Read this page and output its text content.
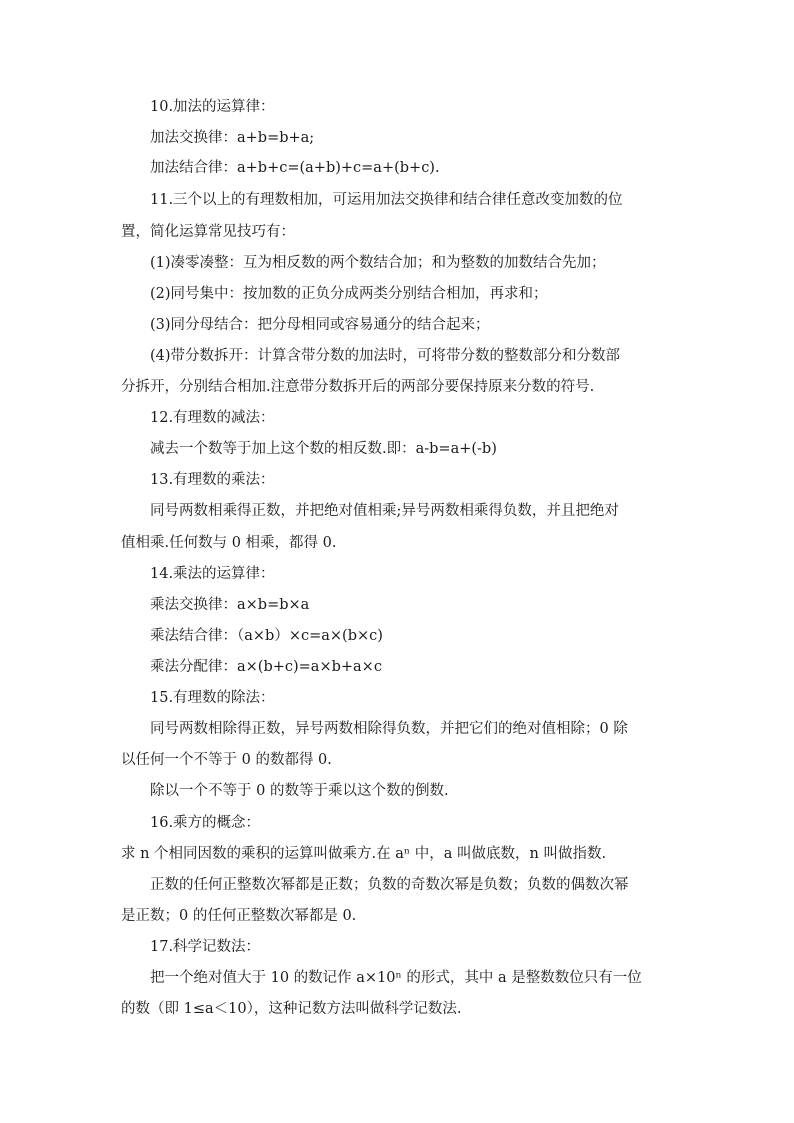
10.加法的运算律：
加法交换律：a+b=b+a;
加法结合律：a+b+c=(a+b)+c=a+(b+c).
11.三个以上的有理数相加，可运用加法交换律和结合律任意改变加数的位
置，简化运算常见技巧有：
(1)凑零凑整：互为相反数的两个数结合加；和为整数的加数结合先加；
(2)同号集中：按加数的正负分成两类分别结合相加，再求和；
(3)同分母结合：把分母相同或容易通分的结合起来；
(4)带分数拆开：计算含带分数的加法时，可将带分数的整数部分和分数部
分拆开，分别结合相加.注意带分数拆开后的两部分要保持原来分数的符号.
12.有理数的减法：
减去一个数等于加上这个数的相反数.即：a-b=a+(-b)
13.有理数的乘法：
同号两数相乘得正数，并把绝对值相乘;异号两数相乘得负数，并且把绝对
值相乘.任何数与 0 相乘，都得 0.
14.乘法的运算律：
乘法交换律：a×b=b×a
乘法结合律：（a×b）×c=a×(b×c)
乘法分配律：a×(b+c)=a×b+a×c
15.有理数的除法：
同号两数相除得正数，异号两数相除得负数，并把它们的绝对值相除；0 除
以任何一个不等于 0 的数都得 0.
除以一个不等于 0 的数等于乘以这个数的倒数.
16.乘方的概念：
求 n 个相同因数的乘积的运算叫做乘方.在 aⁿ 中，a 叫做底数，n 叫做指数.
正数的任何正整数次幂都是正数；负数的奇数次幂是负数；负数的偶数次幂
是正数；0 的任何正整数次幂都是 0.
17.科学记数法：
把一个绝对值大于 10 的数记作 a×10ⁿ 的形式，其中 a 是整数数位只有一位
的数（即 1≤a＜10），这种记数方法叫做科学记数法.
